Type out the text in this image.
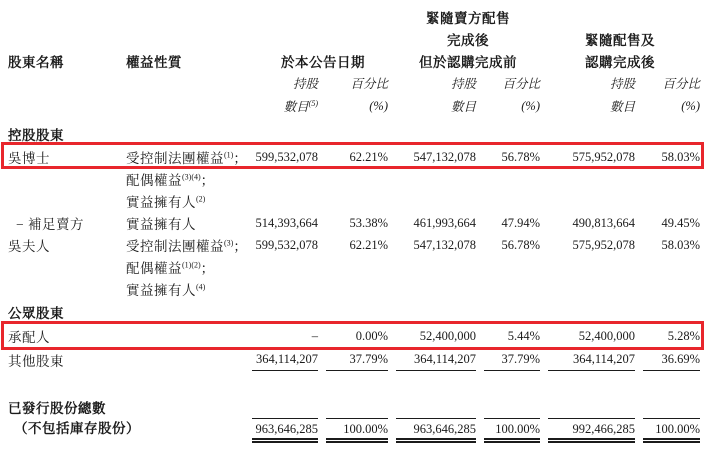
				緊隨賣方配售			
				完成後		緊隨配售及	
股東名稱	權益性質	於本公告日期		但於認購完成前		認購完成後	
		持股	百分比	持股	百分比	持股	百分比
		數目$^{(5)}$	(%)	數目	(%)	數目	(%)
控股股東							
吳博士	受控制法團權益$^{(1)}$；	599,532,078	62.21%	547,132,078	56.78%	575,952,078	58.03%
	配偶權益$^{(3)(4)}$；						
	實益擁有人$^{(2)}$	
− 補足賣方	實益擁有人	514,393,664	53.38%	461,993,664	47.94%	490,813,664	49.45%
吳夫人	受控制法團權益$^{(3)}$；	599,532,078	62.21%	547,132,078	56.78%	575,952,078	58.03%
	配偶權益$^{(1)(2)}$；						
	實益擁有人$^{(4)}$	
公眾股東							
承配人		–	0.00%	52,400,000	5.44%	52,400,000	5.28%
其他股東		364,114,207	37.79%	364,114,207	37.79%	364,114,207	36.69%

已發行股份總數							
（不包括庫存股份）		963,646,285	100.00%	963,646,285	100.00%	992,466,285	100.00%
